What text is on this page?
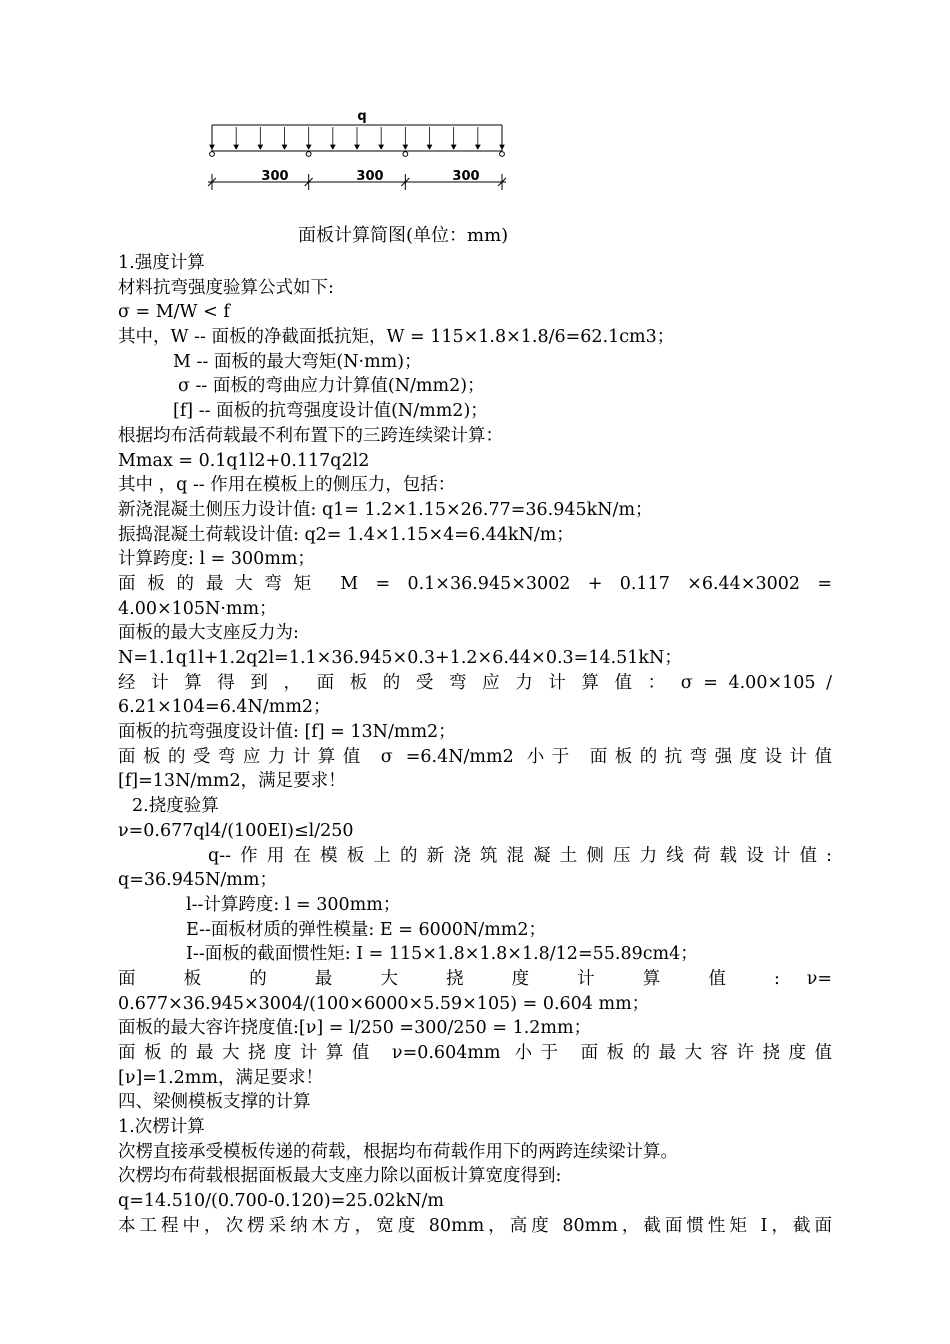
q
300	300	300
面板计算简图(单位：mm)
1.强度计算
材料抗弯强度验算公式如下:
σ = M/W < f
其中，W -- 面板的净截面抵抗矩，W = 115×1.8×1.8/6=62.1cm3；
M -- 面板的最大弯矩(N·mm)；
σ -- 面板的弯曲应力计算值(N/mm2)；
[f] -- 面板的抗弯强度设计值(N/mm2)；
根据均布活荷载最不利布置下的三跨连续梁计算：
Mmax = 0.1q1l2+0.117q2l2
其中 ，q -- 作用在模板上的侧压力，包括：
新浇混凝土侧压力设计值: q1= 1.2×1.15×26.77=36.945kN/m；
振捣混凝土荷载设计值: q2= 1.4×1.15×4=6.44kN/m；
计算跨度: l = 300mm；
面板的最大弯矩 M = 0.1×36.945×3002 + 0.117 ×6.44×3002 =
4.00×105N·mm；
面板的最大支座反力为:
N=1.1q1l+1.2q2l=1.1×36.945×0.3+1.2×6.44×0.3=14.51kN；
经 计 算 得 到 ， 面 板 的 受 弯 应 力 计 算 值 ： σ = 4.00×105 /
6.21×104=6.4N/mm2；
面板的抗弯强度设计值: [f] = 13N/mm2；
面板的受弯应力计算值 σ =6.4N/mm2 小于 面板的抗弯强度设计值
[f]=13N/mm2，满足要求！
2.挠度验算
ν=0.677ql4/(100EI)≤l/250
q--作用在模板上的新浇筑混凝土侧压力线荷载设计值:
q=36.945N/mm；
l--计算跨度: l = 300mm；
E--面板材质的弹性模量: E = 6000N/mm2；
I--面板的截面惯性矩: I = 115×1.8×1.8×1.8/12=55.89cm4；
面 板 的 最 大 挠 度 计 算 值 : ν=
0.677×36.945×3004/(100×6000×5.59×105) = 0.604 mm；
面板的最大容许挠度值:[ν] = l/250 =300/250 = 1.2mm；
面板的最大挠度计算值 ν=0.604mm 小于 面板的最大容许挠度值
[ν]=1.2mm，满足要求！
四、梁侧模板支撑的计算
1.次楞计算
次楞直接承受模板传递的荷载，根据均布荷载作用下的两跨连续梁计算。
次楞均布荷载根据面板最大支座力除以面板计算宽度得到:
q=14.510/(0.700-0.120)=25.02kN/m
本工程中，次楞采纳木方，宽度 80mm，高度 80mm，截面惯性矩 I，截面
